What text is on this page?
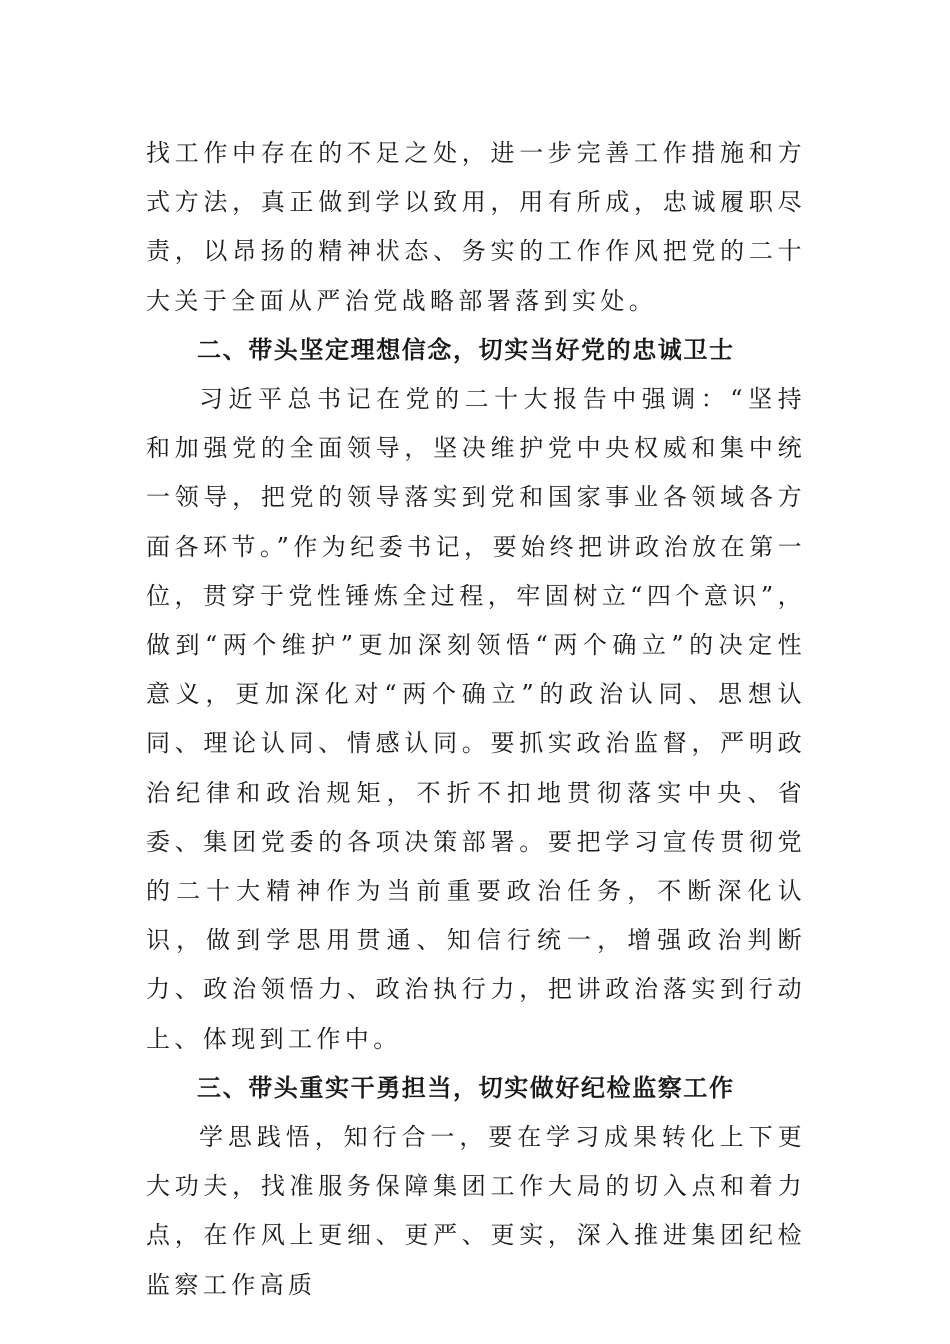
找工作中存在的不足之处，进一步完善工作措施和方式方法，真正做到学以致用，用有所成，忠诚履职尽责，以昂扬的精神状态、务实的工作作风把党的二十大关于全面从严治党战略部署落到实处。

二、带头坚定理想信念，切实当好党的忠诚卫士

习近平总书记在党的二十大报告中强调：“坚持和加强党的全面领导，坚决维护党中央权威和集中统一领导，把党的领导落实到党和国家事业各领域各方面各环节。”作为纪委书记，要始终把讲政治放在第一位，贯穿于党性锤炼全过程，牢固树立“四个意识”，做到“两个维护”更加深刻领悟“两个确立”的决定性意义，更加深化对“两个确立”的政治认同、思想认同、理论认同、情感认同。要抓实政治监督，严明政治纪律和政治规矩，不折不扣地贯彻落实中央、省委、集团党委的各项决策部署。要把学习宣传贯彻党的二十大精神作为当前重要政治任务，不断深化认识，做到学思用贯通、知信行统一，增强政治判断力、政治领悟力、政治执行力，把讲政治落实到行动上、体现到工作中。

三、带头重实干勇担当，切实做好纪检监察工作

学思践悟，知行合一，要在学习成果转化上下更大功夫，找准服务保障集团工作大局的切入点和着力点，在作风上更细、更严、更实，深入推进集团纪检监察工作高质
